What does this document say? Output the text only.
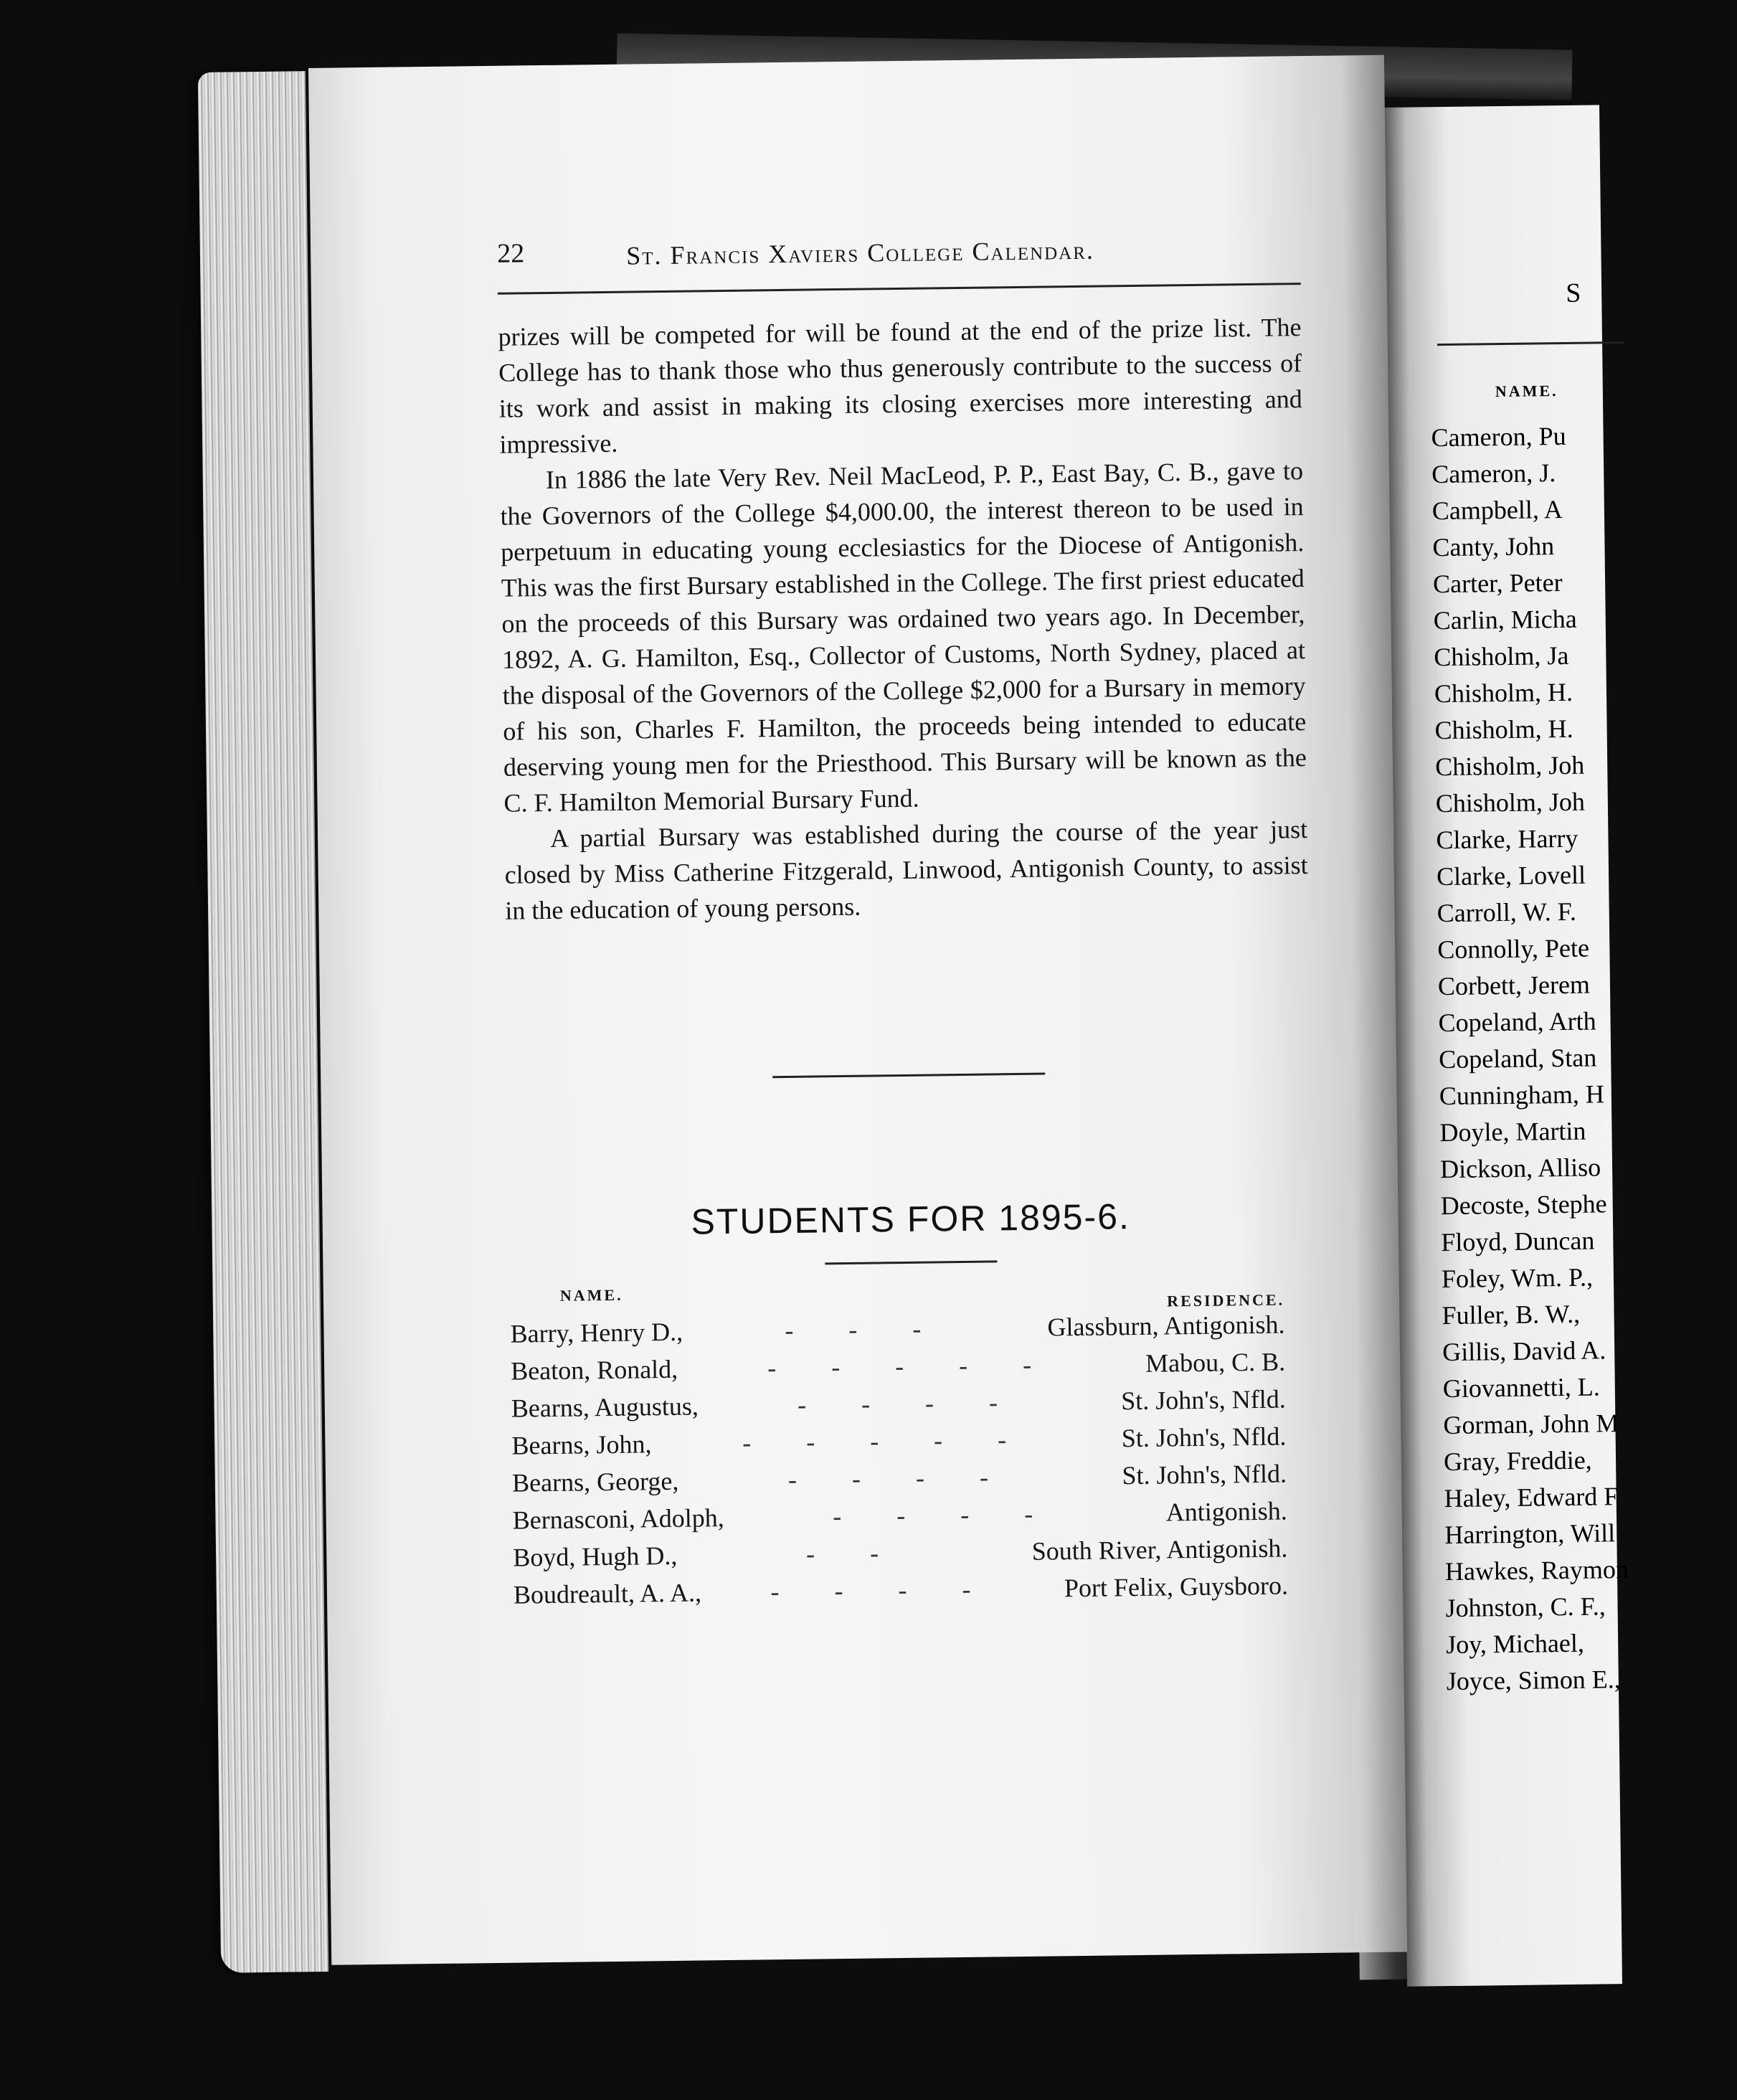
S
NAME.
Cameron, Pu
Cameron, J.
Campbell, A
Canty, John
Carter, Peter
Carlin, Micha
Chisholm, Ja
Chisholm, H.
Chisholm, H.
Chisholm, Joh
Chisholm, Joh
Clarke, Harry
Clarke, Lovell
Carroll, W. F.
Connolly, Pete
Corbett, Jerem
Copeland, Arth
Copeland, Stan
Cunningham, H
Doyle, Martin
Dickson, Alliso
Decoste, Stephe
Floyd, Duncan
Foley, Wm. P.,
Fuller, B. W.,
Gillis, David A.
Giovannetti, L.
Gorman, John M
Gray, Freddie,
Haley, Edward F
Harrington, Will
Hawkes, Raymon
Johnston, C. F.,
Joy, Michael,
Joyce, Simon E.,
22	St. Francis Xaviers College Calendar.

prizes will be competed for will be found at the end of the prize list. The College has to thank those who thus generously contribute to the success of its work and assist in making its closing exercises more interesting and impressive.

In 1886 the late Very Rev. Neil MacLeod, P. P., East Bay, C. B., gave to the Governors of the College $4,000.00, the interest thereon to be used in perpetuum in educating young ecclesiastics for the Diocese of Antigonish. This was the first Bursary established in the College. The first priest educated on the proceeds of this Bursary was ordained two years ago. In December, 1892, A. G. Hamilton, Esq., Collector of Customs, North Sydney, placed at the disposal of the Governors of the College $2,000 for a Bursary in memory of his son, Charles F. Hamilton, the proceeds being intended to educate deserving young men for the Priesthood. This Bursary will be known as the C. F. Hamilton Memorial Bursary Fund.

A partial Bursary was established during the course of the year just closed by Miss Catherine Fitzgerald, Linwood, Antigonish County, to assist in the education of young persons.

STUDENTS FOR 1895-6.
NAME.	RESIDENCE.
Barry, Henry D.,	- - -	Glassburn, Antigonish.
Beaton, Ronald,	- - - - -	Mabou, C. B.
Bearns, Augustus,	- - - -	St. John's, Nfld.
Bearns, John,	- - - - -	St. John's, Nfld.
Bearns, George,	- - - -	St. John's, Nfld.
Bernasconi, Adolph,	- - - -	Antigonish.
Boyd, Hugh D.,	- -	South River, Antigonish.
Boudreault, A. A.,	- - - -	Port Felix, Guysboro.
